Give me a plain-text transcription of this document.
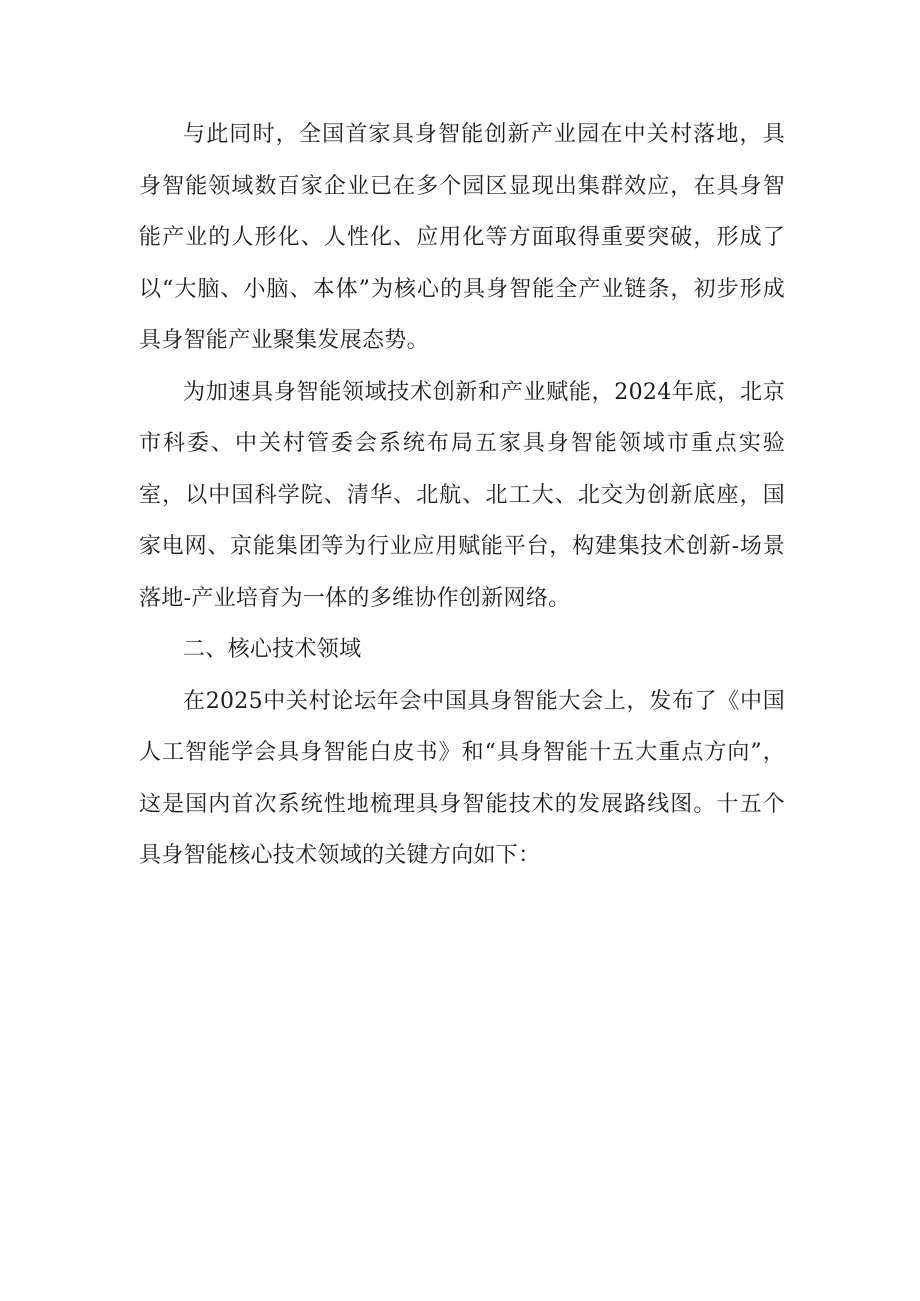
与此同时，全国首家具身智能创新产业园在中关村落地，具身智能领域数百家企业已在多个园区显现出集群效应，在具身智能产业的人形化、人性化、应用化等方面取得重要突破，形成了以“大脑、小脑、本体”为核心的具身智能全产业链条，初步形成具身智能产业聚集发展态势。

为加速具身智能领域技术创新和产业赋能，2024年底，北京市科委、中关村管委会系统布局五家具身智能领域市重点实验室，以中国科学院、清华、北航、北工大、北交为创新底座，国家电网、京能集团等为行业应用赋能平台，构建集技术创新-场景落地-产业培育为一体的多维协作创新网络。

二、核心技术领域

在2025中关村论坛年会中国具身智能大会上，发布了《中国人工智能学会具身智能白皮书》和“具身智能十五大重点方向”，这是国内首次系统性地梳理具身智能技术的发展路线图。十五个具身智能核心技术领域的关键方向如下：
